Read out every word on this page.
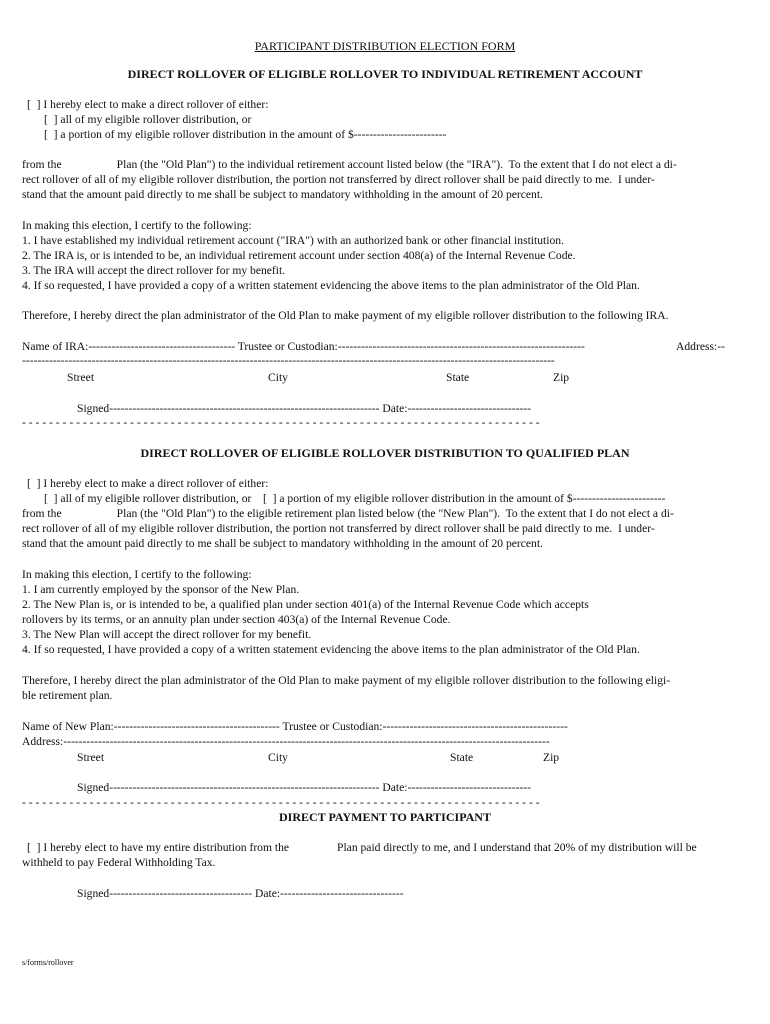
PARTICIPANT DISTRIBUTION ELECTION FORM
DIRECT ROLLOVER OF ELIGIBLE ROLLOVER TO INDIVIDUAL RETIREMENT ACCOUNT
[  ] I hereby elect to make a direct rollover of either:
[  ] all of my eligible rollover distribution, or
[  ] a portion of my eligible rollover distribution in the amount of $------------------------
from the                   Plan (the "Old Plan") to the individual retirement account listed below (the "IRA").  To the extent that I do not elect a di-
rect rollover of all of my eligible rollover distribution, the portion not transferred by direct rollover shall be paid directly to me.  I under-
stand that the amount paid directly to me shall be subject to mandatory withholding in the amount of 20 percent.
In making this election, I certify to the following:
1. I have established my individual retirement account ("IRA") with an authorized bank or other financial institution.
2. The IRA is, or is intended to be, an individual retirement account under section 408(a) of the Internal Revenue Code.
3. The IRA will accept the direct rollover for my benefit.
4. If so requested, I have provided a copy of a written statement evidencing the above items to the plan administrator of the Old Plan.
Therefore, I hereby direct the plan administrator of the Old Plan to make payment of my eligible rollover distribution to the following IRA.
Name of IRA:-------------------------------------- Trustee or Custodian:----------------------------------------------------------------	Address:--
------------------------------------------------------------------------------------------------------------------------------------------
Street	City	State	Zip
Signed---------------------------------------------------------------------- Date:--------------------------------
- - - - - - - - - - - - - - - - - - - - - - - - - - - - - - - - - - - - - - - - - - - - - - - - - - - - - - - - - - - - - - - - - - - - - - - - - - - - -
DIRECT ROLLOVER OF ELIGIBLE ROLLOVER DISTRIBUTION TO QUALIFIED PLAN
[  ] I hereby elect to make a direct rollover of either:
[  ] all of my eligible rollover distribution, or    [  ] a portion of my eligible rollover distribution in the amount of $------------------------
from the                   Plan (the "Old Plan") to the eligible retirement plan listed below (the "New Plan").  To the extent that I do not elect a di-
rect rollover of all of my eligible rollover distribution, the portion not transferred by direct rollover shall be paid directly to me.  I under-
stand that the amount paid directly to me shall be subject to mandatory withholding in the amount of 20 percent.
In making this election, I certify to the following:
1. I am currently employed by the sponsor of the New Plan.
2. The New Plan is, or is intended to be, a qualified plan under section 401(a) of the Internal Revenue Code which accepts
rollovers by its terms, or an annuity plan under section 403(a) of the Internal Revenue Code.
3. The New Plan will accept the direct rollover for my benefit.
4. If so requested, I have provided a copy of a written statement evidencing the above items to the plan administrator of the Old Plan.
Therefore, I hereby direct the plan administrator of the Old Plan to make payment of my eligible rollover distribution to the following eligi-
ble retirement plan.
Name of New Plan:------------------------------------------- Trustee or Custodian:------------------------------------------------
Address:------------------------------------------------------------------------------------------------------------------------------
Street	City	State	Zip
Signed---------------------------------------------------------------------- Date:--------------------------------
- - - - - - - - - - - - - - - - - - - - - - - - - - - - - - - - - - - - - - - - - - - - - - - - - - - - - - - - - - - - - - - - - - - - - - - - - - - - -
DIRECT PAYMENT TO PARTICIPANT
[  ] I hereby elect to have my entire distribution from the	Plan paid directly to me, and I understand that 20% of my distribution will be
withheld to pay Federal Withholding Tax.
Signed------------------------------------- Date:--------------------------------
s/forms/rollover
